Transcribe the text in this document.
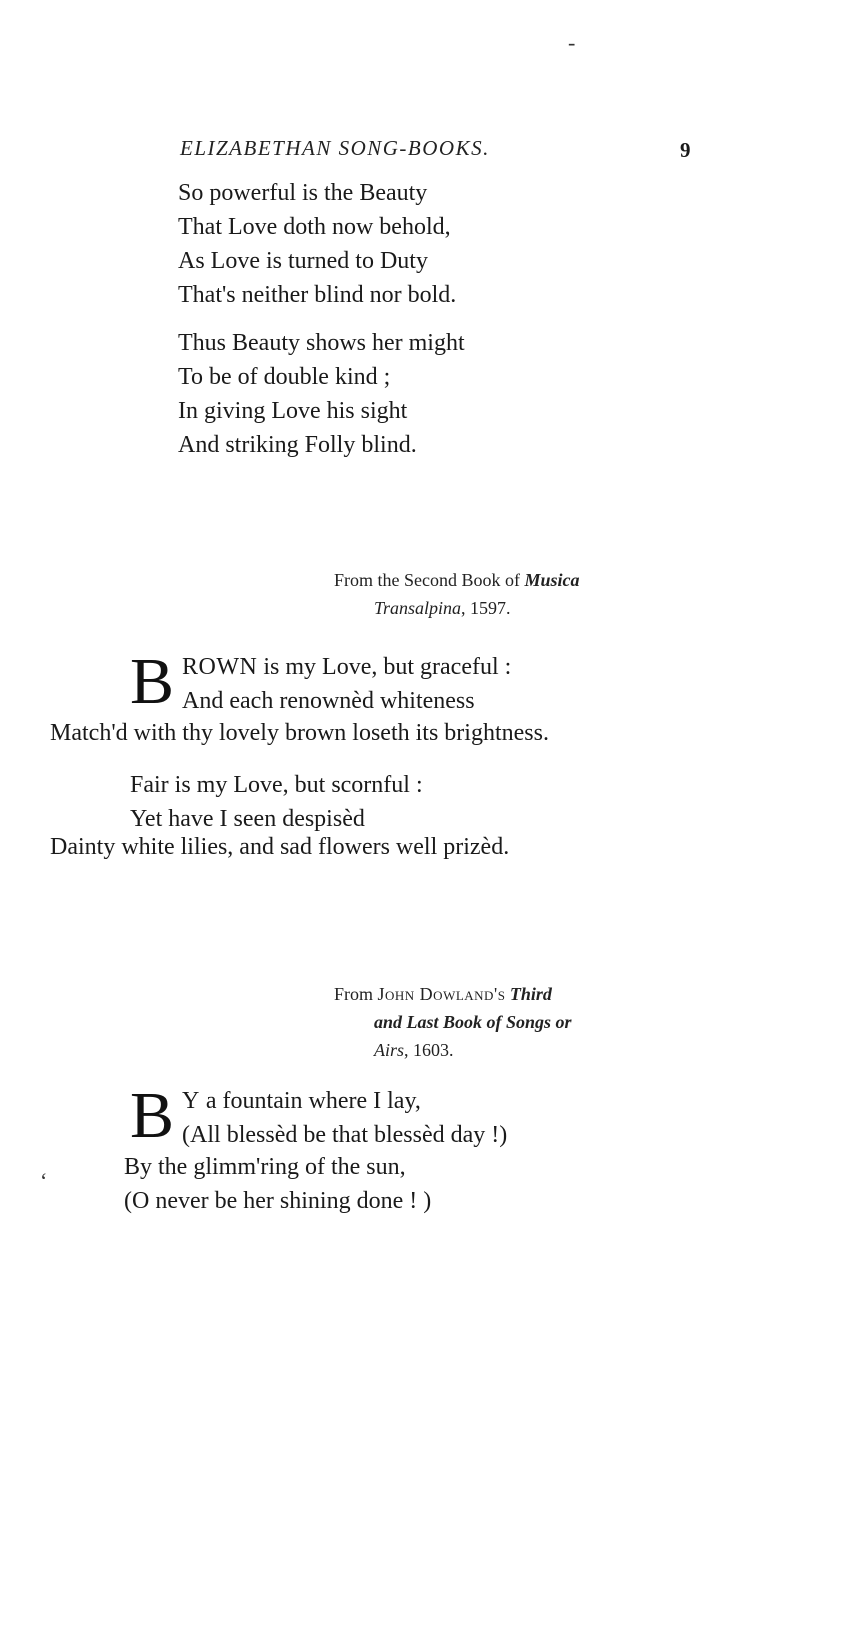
-
ELIZABETHAN SONG-BOOKS.	9
So powerful is the Beauty
That Love doth now behold,
As Love is turned to Duty
That's neither blind nor bold.
Thus Beauty shows her might
To be of double kind ;
In giving Love his sight
And striking Folly blind.
From the Second Book of Musica
Transalpina, 1597.
B ROWN is my Love, but graceful :
And each renownèd whiteness
Match'd with thy lovely brown loseth its brightness.
Fair is my Love, but scornful :
Yet have I seen despisèd
Dainty white lilies, and sad flowers well prizèd.
From John Dowland's Third
and Last Book of Songs or
Airs, 1603.
B Y a fountain where I lay,
(All blessèd be that blessèd day !)
By the glimm'ring of the sun,
(O never be her shining done ! )
ʻ
